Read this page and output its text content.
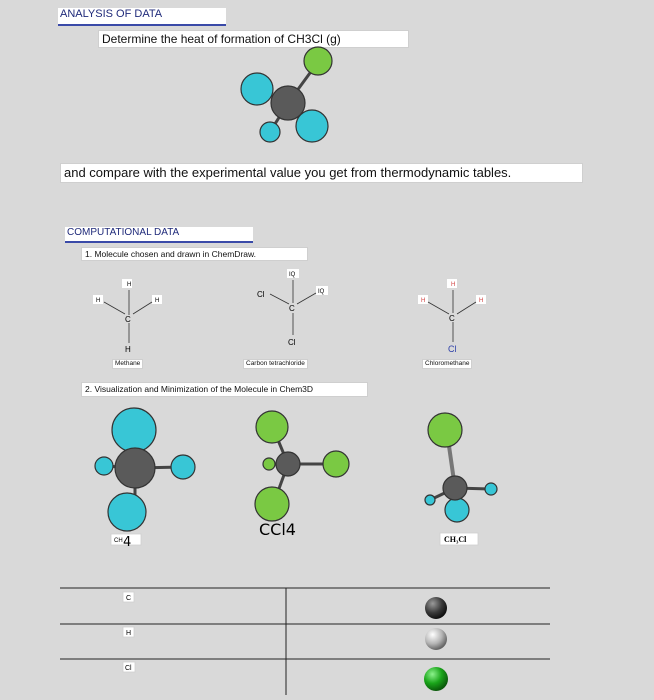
ANALYSIS OF DATA
Determine the heat of formation of CH3Cl (g)
and compare with the experimental value you get from thermodynamic tables.
COMPUTATIONAL DATA
1. Molecule chosen and drawn in ChemDraw.
2. Visualization and Minimization of the Molecule in Chem3D
Methane	Carbon tetrachloride	Chloromethane
H
H	H
C
H
IQ
Cl	IQ
C
Cl
H
H	H
C
Cl
CH 4
CCl4
CH₃Cl
C
H
Cl
